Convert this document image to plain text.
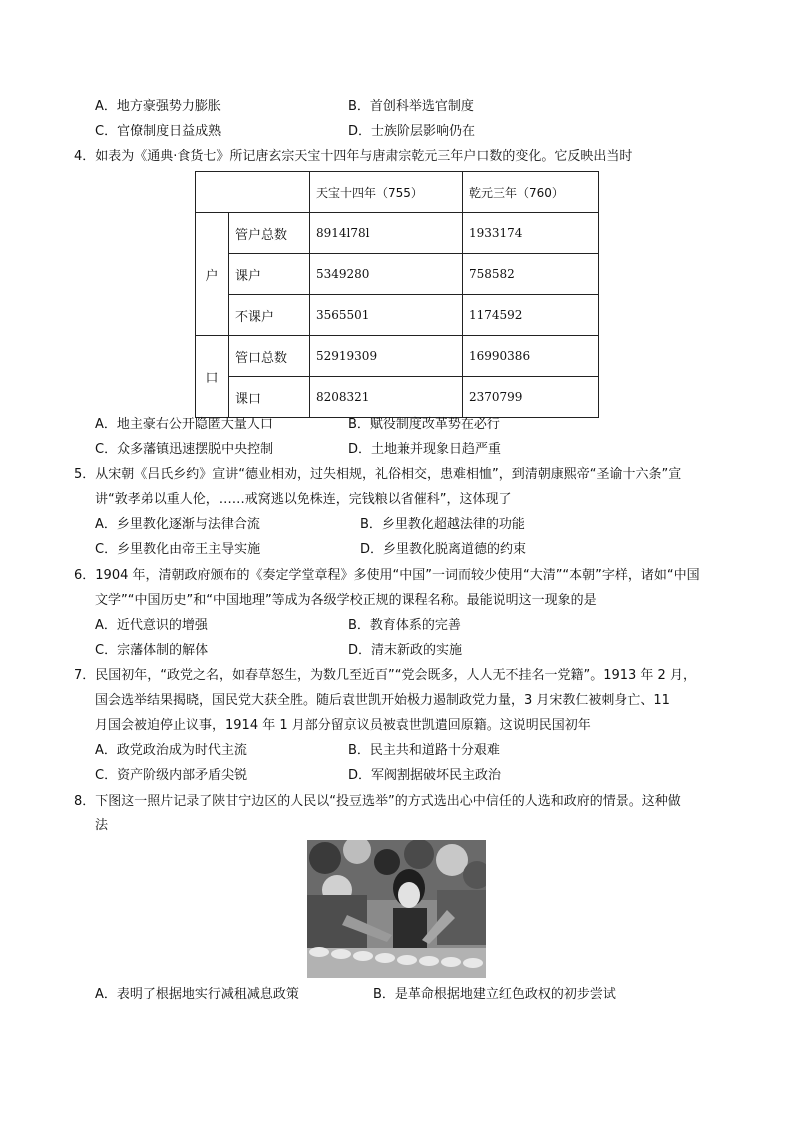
A．地方豪强势力膨胀	B．首创科举选官制度
C．官僚制度日益成熟	D．士族阶层影响仍在
4．如表为《通典·食货七》所记唐玄宗天宝十四年与唐肃宗乾元三年户口数的变化。它反映出当时
		天宝十四年（755）	乾元三年（760）
户	管户总数	8914l78l	1933174
	课户	5349280	758582
	不课户	3565501	1174592
口	管口总数	52919309	16990386
	课口	8208321	2370799
A．地主豪右公开隐匿大量人口	B．赋役制度改革势在必行
C．众多藩镇迅速摆脱中央控制	D．土地兼并现象日趋严重
5．从宋朝《吕氏乡约》宣讲“德业相劝，过失相规，礼俗相交，患难相恤”，到清朝康熙帝“圣谕十六条”宣
讲“敦孝弟以重人伦，……戒窝逃以免株连，完钱粮以省催科”，这体现了
A．乡里教化逐渐与法律合流	B．乡里教化超越法律的功能
C．乡里教化由帝王主导实施	D．乡里教化脱离道德的约束
6．1904 年，清朝政府颁布的《奏定学堂章程》多使用“中国”一词而较少使用“大清”“本朝”字样，诸如“中国
文学”“中国历史”和“中国地理”等成为各级学校正规的课程名称。最能说明这一现象的是
A．近代意识的增强	B．教育体系的完善
C．宗藩体制的解体	D．清末新政的实施
7．民国初年，“政党之名，如春草怒生，为数几至近百”“党会既多，人人无不挂名一党籍”。1913 年 2 月，
国会选举结果揭晓，国民党大获全胜。随后袁世凯开始极力遏制政党力量，3 月宋教仁被刺身亡、11
月国会被迫停止议事，1914 年 1 月部分留京议员被袁世凯遣回原籍。这说明民国初年
A．政党政治成为时代主流	B．民主共和道路十分艰难
C．资产阶级内部矛盾尖锐	D．军阀割据破坏民主政治
8．下图这一照片记录了陕甘宁边区的人民以“投豆选举”的方式选出心中信任的人选和政府的情景。这种做
法
A．表明了根据地实行减租减息政策	B．是革命根据地建立红色政权的初步尝试
